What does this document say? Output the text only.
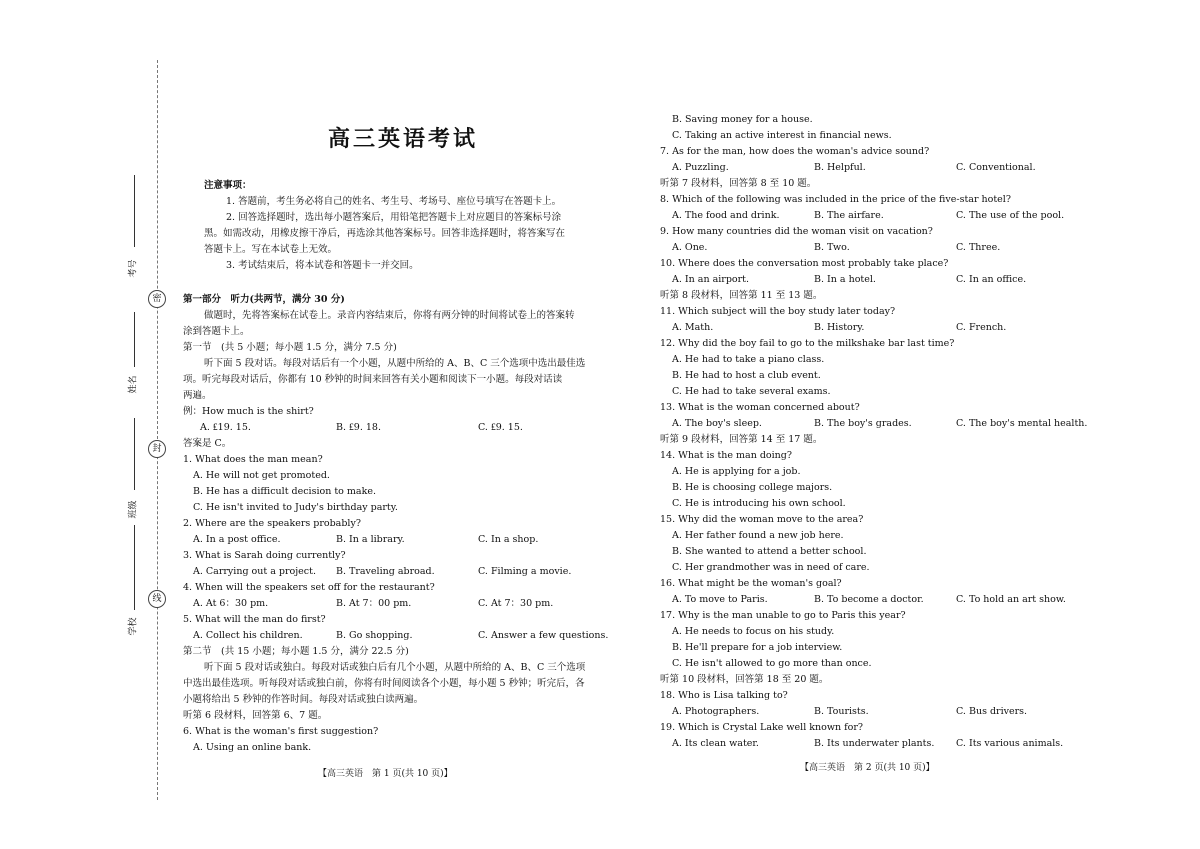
考号
姓名
班级
学校
密
封
线
高三英语考试
注意事项：
1. 答题前，考生务必将自己的姓名、考生号、考场号、座位号填写在答题卡上。
2. 回答选择题时，选出每小题答案后，用铅笔把答题卡上对应题目的答案标号涂
黑。如需改动，用橡皮擦干净后，再选涂其他答案标号。回答非选择题时，将答案写在
答题卡上。写在本试卷上无效。
3. 考试结束后，将本试卷和答题卡一并交回。
第一部分　听力(共两节，满分 30 分)
做题时，先将答案标在试卷上。录音内容结束后，你将有两分钟的时间将试卷上的答案转
涂到答题卡上。
第一节　(共 5 小题；每小题 1.5 分，满分 7.5 分)
听下面 5 段对话。每段对话后有一个小题，从题中所给的 A、B、C 三个选项中选出最佳选
项。听完每段对话后，你都有 10 秒钟的时间来回答有关小题和阅读下一小题。每段对话读
两遍。
例：How much is the shirt?
A. ₤19. 15.	B. ₤9. 18.	C. ₤9. 15.
答案是 C。
1. What does the man mean?
A. He will not get promoted.
B. He has a difficult decision to make.
C. He isn't invited to Judy's birthday party.
2. Where are the speakers probably?
A. In a post office.	B. In a library.	C. In a shop.
3. What is Sarah doing currently?
A. Carrying out a project. B. Traveling abroad.	C. Filming a movie.
4. When will the speakers set off for the restaurant?
A. At 6：30 pm.	B. At 7：00 pm.	C. At 7：30 pm.
5. What will the man do first?
A. Collect his children.	B. Go shopping.	C. Answer a few questions.
第二节　(共 15 小题；每小题 1.5 分，满分 22.5 分)
听下面 5 段对话或独白。每段对话或独白后有几个小题，从题中所给的 A、B、C 三个选项
中选出最佳选项。听每段对话或独白前，你将有时间阅读各个小题，每小题 5 秒钟；听完后，各
小题将给出 5 秒钟的作答时间。每段对话或独白读两遍。
听第 6 段材料，回答第 6、7 题。
6. What is the woman's first suggestion?
A. Using an online bank.
【高三英语　第 1 页(共 10 页)】
B. Saving money for a house.
C. Taking an active interest in financial news.
7. As for the man, how does the woman's advice sound?
A. Puzzling.	B. Helpful.	C. Conventional.
听第 7 段材料，回答第 8 至 10 题。
8. Which of the following was included in the price of the five-star hotel?
A. The food and drink.	B. The airfare.	C. The use of the pool.
9. How many countries did the woman visit on vacation?
A. One.	B. Two.	C. Three.
10. Where does the conversation most probably take place?
A. In an airport.	B. In a hotel.	C. In an office.
听第 8 段材料，回答第 11 至 13 题。
11. Which subject will the boy study later today?
A. Math.	B. History.	C. French.
12. Why did the boy fail to go to the milkshake bar last time?
A. He had to take a piano class.
B. He had to host a club event.
C. He had to take several exams.
13. What is the woman concerned about?
A. The boy's sleep.	B. The boy's grades.	C. The boy's mental health.
听第 9 段材料，回答第 14 至 17 题。
14. What is the man doing?
A. He is applying for a job.
B. He is choosing college majors.
C. He is introducing his own school.
15. Why did the woman move to the area?
A. Her father found a new job here.
B. She wanted to attend a better school.
C. Her grandmother was in need of care.
16. What might be the woman's goal?
A. To move to Paris.	B. To become a doctor.	C. To hold an art show.
17. Why is the man unable to go to Paris this year?
A. He needs to focus on his study.
B. He'll prepare for a job interview.
C. He isn't allowed to go more than once.
听第 10 段材料，回答第 18 至 20 题。
18. Who is Lisa talking to?
A. Photographers.	B. Tourists.	C. Bus drivers.
19. Which is Crystal Lake well known for?
A. Its clean water.	B. Its underwater plants. C. Its various animals.
【高三英语　第 2 页(共 10 页)】
